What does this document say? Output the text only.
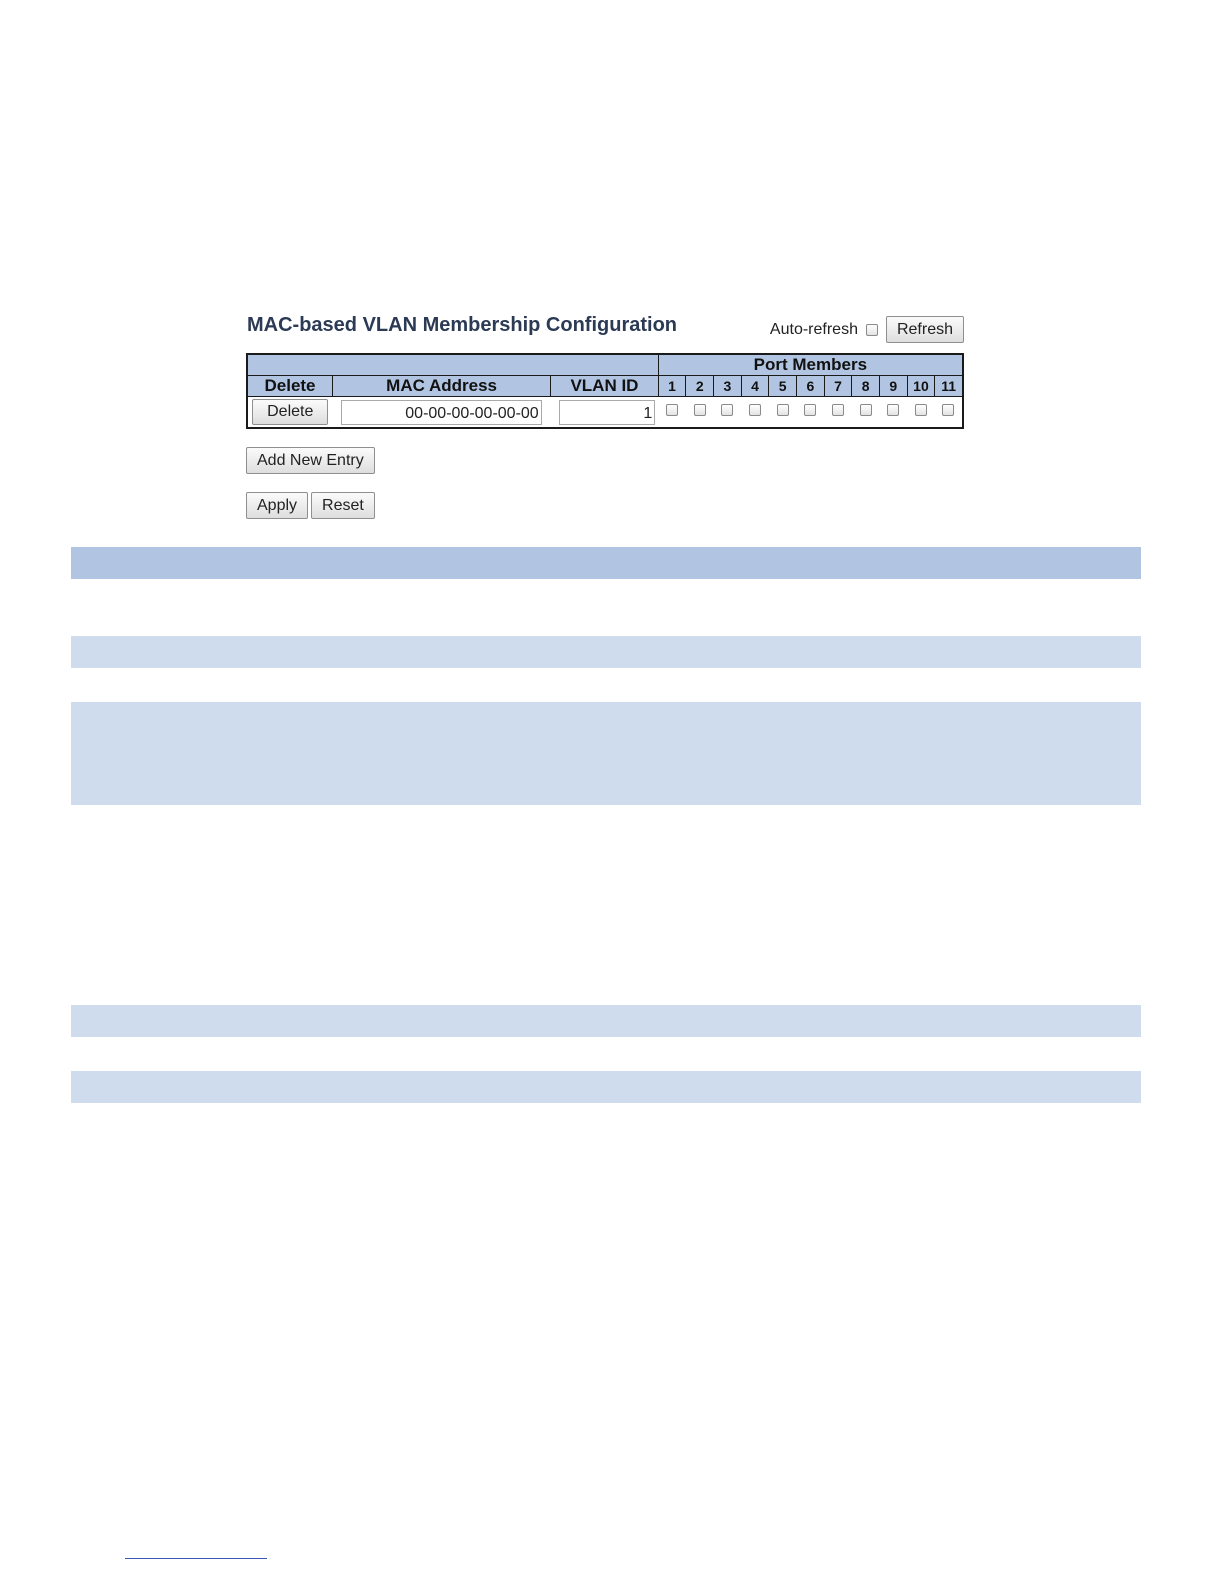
MAC-based VLAN Membership Configuration	Auto-refresh	Refresh
			Port Members										
Delete	MAC Address	VLAN ID	1	2	3	4	5	6	7	8	9	10	11
Delete	00-00-00-00-00-00	1											

Add New Entry
Apply	Reset
